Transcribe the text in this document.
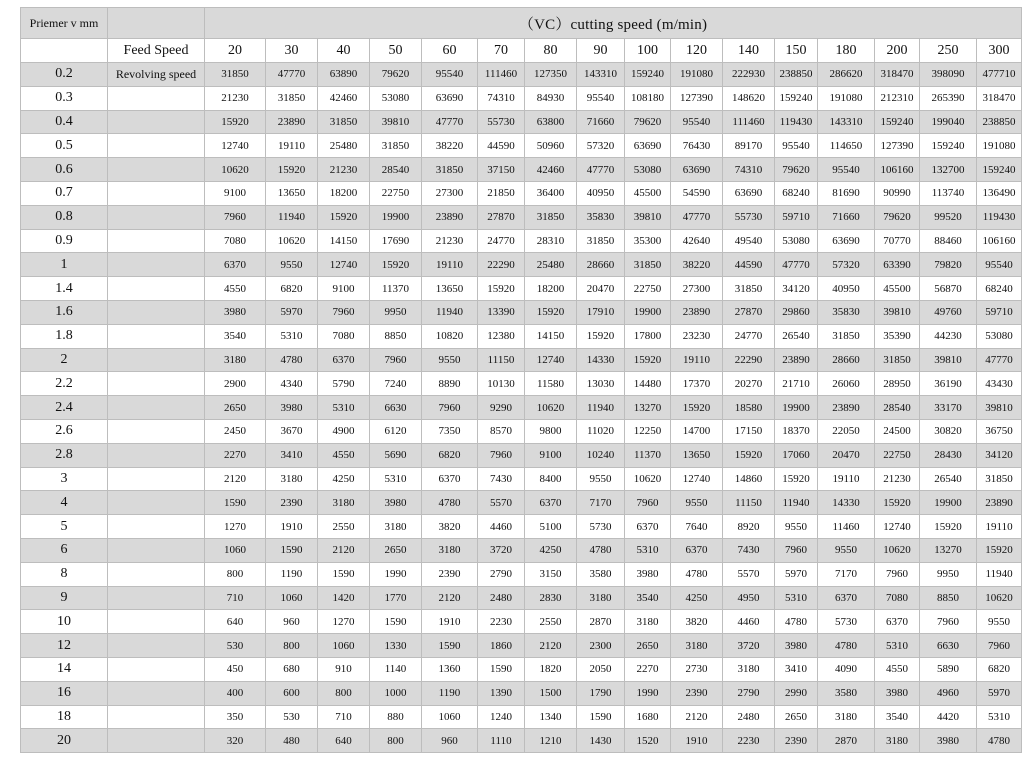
Priemer v mm		（VC）cutting speed (m/min)															
	Feed Speed	20	30	40	50	60	70	80	90	100	120	140	150	180	200	250	300
0.2	Revolving speed	31850	47770	63890	79620	95540	111460	127350	143310	159240	191080	222930	238850	286620	318470	398090	477710
0.3		21230	31850	42460	53080	63690	74310	84930	95540	108180	127390	148620	159240	191080	212310	265390	318470
0.4		15920	23890	31850	39810	47770	55730	63800	71660	79620	95540	111460	119430	143310	159240	199040	238850
0.5		12740	19110	25480	31850	38220	44590	50960	57320	63690	76430	89170	95540	114650	127390	159240	191080
0.6		10620	15920	21230	28540	31850	37150	42460	47770	53080	63690	74310	79620	95540	106160	132700	159240
0.7		9100	13650	18200	22750	27300	21850	36400	40950	45500	54590	63690	68240	81690	90990	113740	136490
0.8		7960	11940	15920	19900	23890	27870	31850	35830	39810	47770	55730	59710	71660	79620	99520	119430
0.9		7080	10620	14150	17690	21230	24770	28310	31850	35300	42640	49540	53080	63690	70770	88460	106160
1		6370	9550	12740	15920	19110	22290	25480	28660	31850	38220	44590	47770	57320	63390	79820	95540
1.4		4550	6820	9100	11370	13650	15920	18200	20470	22750	27300	31850	34120	40950	45500	56870	68240
1.6		3980	5970	7960	9950	11940	13390	15920	17910	19900	23890	27870	29860	35830	39810	49760	59710
1.8		3540	5310	7080	8850	10820	12380	14150	15920	17800	23230	24770	26540	31850	35390	44230	53080
2		3180	4780	6370	7960	9550	11150	12740	14330	15920	19110	22290	23890	28660	31850	39810	47770
2.2		2900	4340	5790	7240	8890	10130	11580	13030	14480	17370	20270	21710	26060	28950	36190	43430
2.4		2650	3980	5310	6630	7960	9290	10620	11940	13270	15920	18580	19900	23890	28540	33170	39810
2.6		2450	3670	4900	6120	7350	8570	9800	11020	12250	14700	17150	18370	22050	24500	30820	36750
2.8		2270	3410	4550	5690	6820	7960	9100	10240	11370	13650	15920	17060	20470	22750	28430	34120
3		2120	3180	4250	5310	6370	7430	8400	9550	10620	12740	14860	15920	19110	21230	26540	31850
4		1590	2390	3180	3980	4780	5570	6370	7170	7960	9550	11150	11940	14330	15920	19900	23890
5		1270	1910	2550	3180	3820	4460	5100	5730	6370	7640	8920	9550	11460	12740	15920	19110
6		1060	1590	2120	2650	3180	3720	4250	4780	5310	6370	7430	7960	9550	10620	13270	15920
8		800	1190	1590	1990	2390	2790	3150	3580	3980	4780	5570	5970	7170	7960	9950	11940
9		710	1060	1420	1770	2120	2480	2830	3180	3540	4250	4950	5310	6370	7080	8850	10620
10		640	960	1270	1590	1910	2230	2550	2870	3180	3820	4460	4780	5730	6370	7960	9550
12		530	800	1060	1330	1590	1860	2120	2300	2650	3180	3720	3980	4780	5310	6630	7960
14		450	680	910	1140	1360	1590	1820	2050	2270	2730	3180	3410	4090	4550	5890	6820
16		400	600	800	1000	1190	1390	1500	1790	1990	2390	2790	2990	3580	3980	4960	5970
18		350	530	710	880	1060	1240	1340	1590	1680	2120	2480	2650	3180	3540	4420	5310
20		320	480	640	800	960	1110	1210	1430	1520	1910	2230	2390	2870	3180	3980	4780
